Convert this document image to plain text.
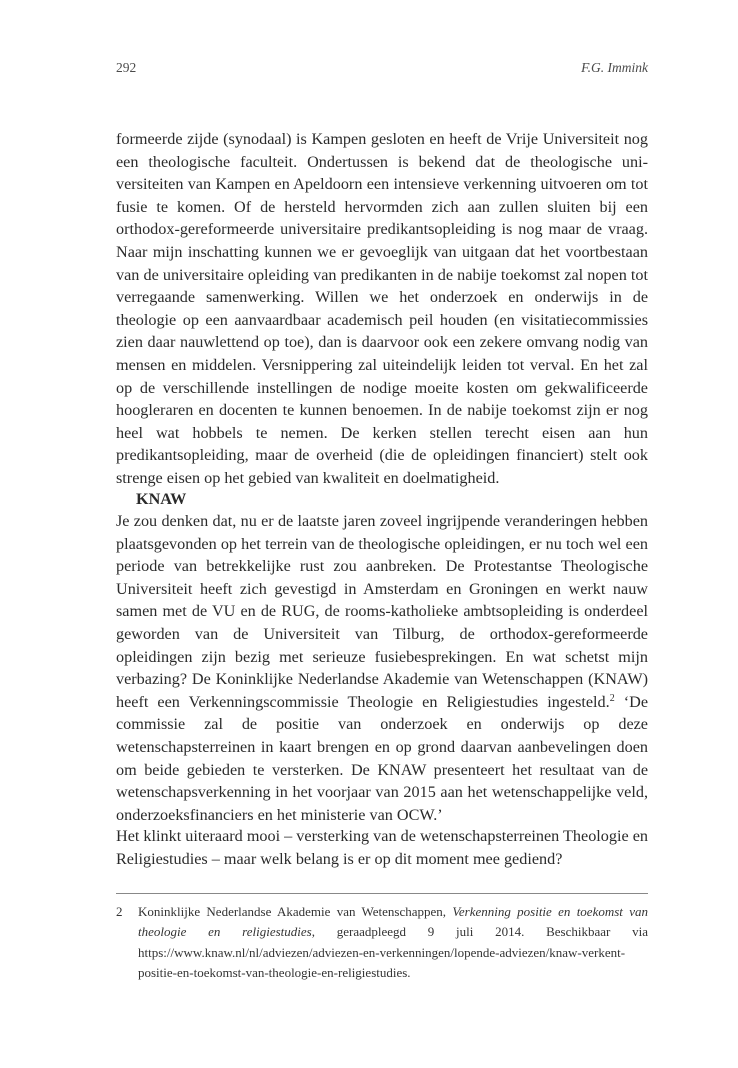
292	F.G. Immink

formeerde zijde (synodaal) is Kampen gesloten en heeft de Vrije Universiteit nog een theologische faculteit. Ondertussen is bekend dat de theologische universiteiten van Kampen en Apeldoorn een intensieve verkenning uitvoeren om tot fusie te komen. Of de hersteld hervormden zich aan zullen sluiten bij een orthodox-gereformeerde universitaire predikantsopleiding is nog maar de vraag. Naar mijn inschatting kunnen we er gevoeglijk van uitgaan dat het voortbestaan van de universitaire opleiding van predikanten in de nabije toekomst zal nopen tot verregaande samenwerking. Willen we het onderzoek en onderwijs in de theologie op een aanvaardbaar academisch peil houden (en visitatiecommissies zien daar nauwlettend op toe), dan is daarvoor ook een zekere omvang nodig van mensen en middelen. Versnippering zal uiteindelijk leiden tot verval. En het zal op de verschillende instellingen de nodige moeite kosten om gekwalificeerde hoogleraren en docenten te kunnen benoemen. In de nabije toekomst zijn er nog heel wat hobbels te nemen. De kerken stellen terecht eisen aan hun predikantsopleiding, maar de overheid (die de opleidingen financiert) stelt ook strenge eisen op het gebied van kwaliteit en doelmatigheid.

KNAW

Je zou denken dat, nu er de laatste jaren zoveel ingrijpende veranderingen hebben plaatsgevonden op het terrein van de theologische opleidingen, er nu toch wel een periode van betrekkelijke rust zou aanbreken. De Protestantse Theologische Universiteit heeft zich gevestigd in Amsterdam en Groningen en werkt nauw samen met de VU en de RUG, de rooms-katholieke ambtsopleiding is onderdeel geworden van de Universiteit van Tilburg, de orthodox-gereformeerde opleidingen zijn bezig met serieuze fusiebesprekingen. En wat schetst mijn verbazing? De Koninklijke Nederlandse Akademie van Wetenschappen (KNAW) heeft een Verkenningscommissie Theologie en Religiestudies ingesteld.$^2$ ‘De commissie zal de positie van onderzoek en onderwijs op deze wetenschapsterreinen in kaart brengen en op grond daarvan aanbevelingen doen om beide gebieden te versterken. De KNAW presenteert het resultaat van de wetenschapsverkenning in het voorjaar van 2015 aan het wetenschappelijke veld, onderzoeksfinanciers en het ministerie van OCW.’

Het klinkt uiteraard mooi – versterking van de wetenschapsterreinen Theologie en Religiestudies – maar welk belang is er op dit moment mee gediend?

2 Koninklijke Nederlandse Akademie van Wetenschappen, Verkenning positie en toekomst van theologie en religiestudies, geraadpleegd 9 juli 2014. Beschikbaar via https://www.knaw.nl/nl/adviezen/adviezen-en-verkenningen/lopende-adviezen/knaw-verkent-positie-en-toekomst-van-theologie-en-religiestudies.
